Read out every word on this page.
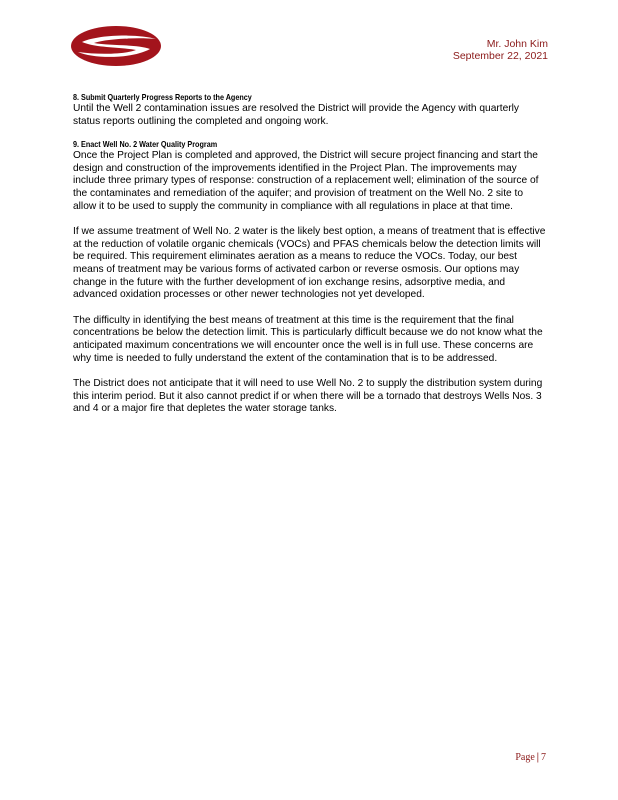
Mr. John Kim
September 22, 2021
8. Submit Quarterly Progress Reports to the Agency

Until the Well 2 contamination issues are resolved the District will provide the Agency with quarterly status reports outlining the completed and ongoing work.

9. Enact Well No. 2 Water Quality Program

Once the Project Plan is completed and approved, the District will secure project financing and start the design and construction of the improvements identified in the Project Plan. The improvements may include three primary types of response: construction of a replacement well; elimination of the source of the contaminates and remediation of the aquifer; and provision of treatment on the Well No. 2 site to allow it to be used to supply the community in compliance with all regulations in place at that time.

If we assume treatment of Well No. 2 water is the likely best option, a means of treatment that is effective at the reduction of volatile organic chemicals (VOCs) and PFAS chemicals below the detection limits will be required. This requirement eliminates aeration as a means to reduce the VOCs. Today, our best means of treatment may be various forms of activated carbon or reverse osmosis. Our options may change in the future with the further development of ion exchange resins, adsorptive media, and advanced oxidation processes or other newer technologies not yet developed.

The difficulty in identifying the best means of treatment at this time is the requirement that the final concentrations be below the detection limit. This is particularly difficult because we do not know what the anticipated maximum concentrations we will encounter once the well is in full use. These concerns are why time is needed to fully understand the extent of the contamination that is to be addressed.

The District does not anticipate that it will need to use Well No. 2 to supply the distribution system during this interim period. But it also cannot predict if or when there will be a tornado that destroys Wells Nos. 3 and 4 or a major fire that depletes the water storage tanks.

Page | 7
